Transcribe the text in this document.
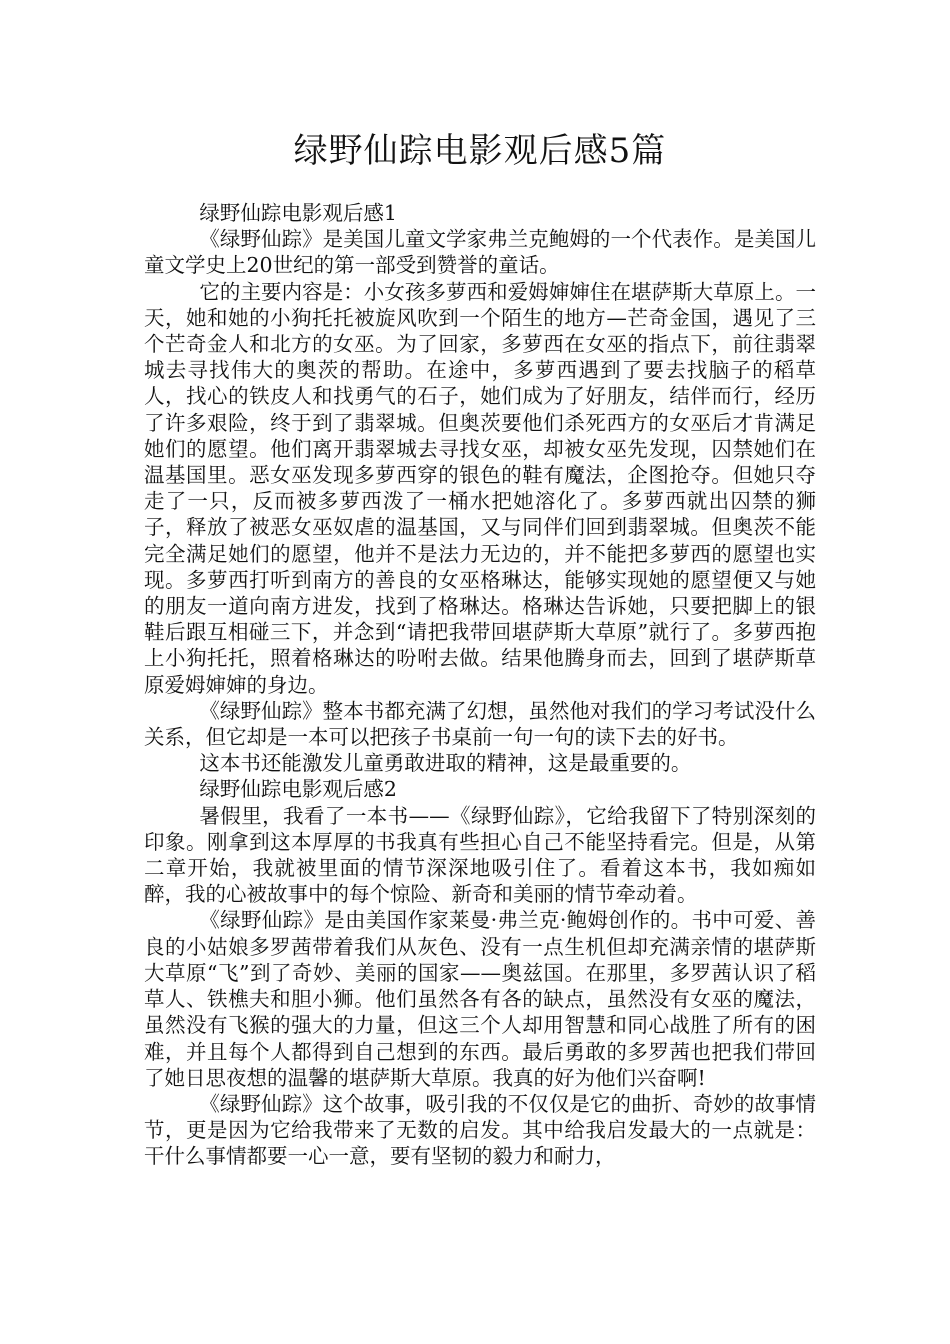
绿野仙踪电影观后感5篇

绿野仙踪电影观后感1

《绿野仙踪》是美国儿童文学家弗兰克鲍姆的一个代表作。是美国儿童文学史上20世纪的第一部受到赞誉的童话。

它的主要内容是：小女孩多萝西和爱姆婶婶住在堪萨斯大草原上。一天，她和她的小狗托托被旋风吹到一个陌生的地方—芒奇金国，遇见了三个芒奇金人和北方的女巫。为了回家，多萝西在女巫的指点下，前往翡翠城去寻找伟大的奥茨的帮助。在途中，多萝西遇到了要去找脑子的稻草人，找心的铁皮人和找勇气的石子，她们成为了好朋友，结伴而行，经历了许多艰险，终于到了翡翠城。但奥茨要他们杀死西方的女巫后才肯满足她们的愿望。他们离开翡翠城去寻找女巫，却被女巫先发现，囚禁她们在温基国里。恶女巫发现多萝西穿的银色的鞋有魔法，企图抢夺。但她只夺走了一只，反而被多萝西泼了一桶水把她溶化了。多萝西就出囚禁的狮子，释放了被恶女巫奴虐的温基国，又与同伴们回到翡翠城。但奥茨不能完全满足她们的愿望，他并不是法力无边的，并不能把多萝西的愿望也实现。多萝西打听到南方的善良的女巫格琳达，能够实现她的愿望便又与她的朋友一道向南方进发，找到了格琳达。格琳达告诉她，只要把脚上的银鞋后跟互相碰三下，并念到“请把我带回堪萨斯大草原”就行了。多萝西抱上小狗托托，照着格琳达的吩咐去做。结果他腾身而去，回到了堪萨斯草原爱姆婶婶的身边。

《绿野仙踪》整本书都充满了幻想，虽然他对我们的学习考试没什么关系，但它却是一本可以把孩子书桌前一句一句的读下去的好书。

这本书还能激发儿童勇敢进取的精神，这是最重要的。

绿野仙踪电影观后感2

暑假里，我看了一本书——《绿野仙踪》，它给我留下了特别深刻的印象。刚拿到这本厚厚的书我真有些担心自己不能坚持看完。但是，从第二章开始，我就被里面的情节深深地吸引住了。看着这本书，我如痴如醉，我的心被故事中的每个惊险、新奇和美丽的情节牵动着。

《绿野仙踪》是由美国作家莱曼·弗兰克·鲍姆创作的。书中可爱、善良的小姑娘多罗茜带着我们从灰色、没有一点生机但却充满亲情的堪萨斯大草原“飞”到了奇妙、美丽的国家——奥兹国。在那里，多罗茜认识了稻草人、铁樵夫和胆小狮。他们虽然各有各的缺点，虽然没有女巫的魔法，虽然没有飞猴的强大的力量，但这三个人却用智慧和同心战胜了所有的困难，并且每个人都得到自己想到的东西。最后勇敢的多罗茜也把我们带回了她日思夜想的温馨的堪萨斯大草原。我真的好为他们兴奋啊!

《绿野仙踪》这个故事，吸引我的不仅仅是它的曲折、奇妙的故事情节，更是因为它给我带来了无数的启发。其中给我启发最大的一点就是：干什么事情都要一心一意，要有坚韧的毅力和耐力，
